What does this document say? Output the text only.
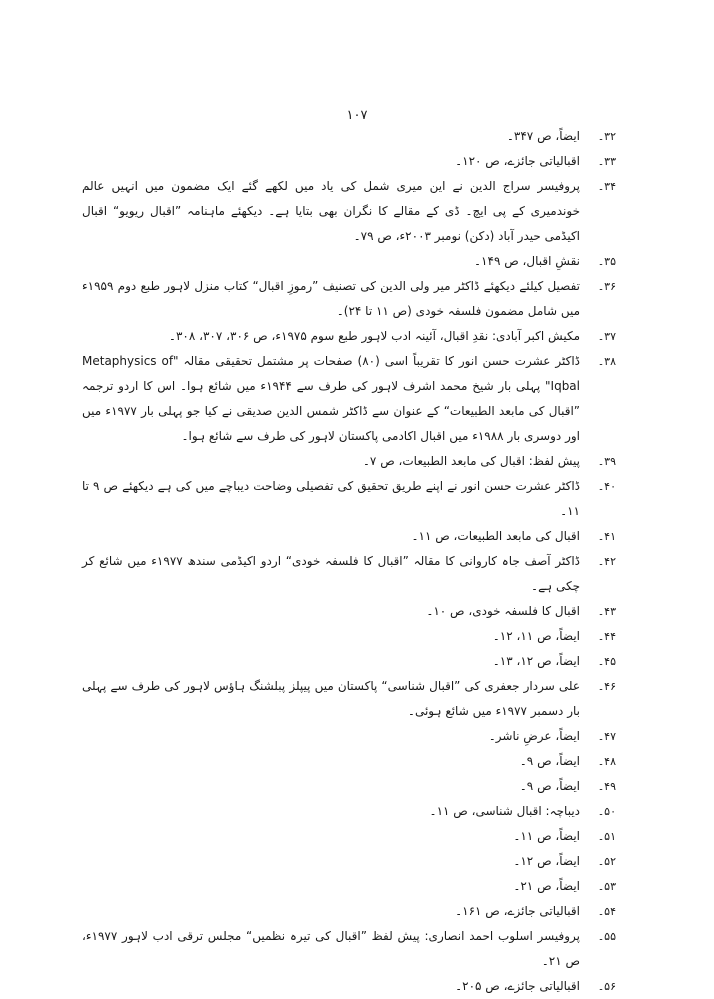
۱۰۷
۳۲۔
ایضاً، ص ۳۴۷۔
۳۳۔
اقبالیاتی جائزے، ص ۱۲۰۔
۳۴۔
پروفیسر سراج الدین نے این میری شمل کی یاد میں لکھے گئے ایک مضمون میں انہیں عالم خوندمیری کے پی ایچ۔ ڈی کے مقالے کا نگران بھی بتایا ہے۔ دیکھئے ماہنامہ ”اقبال ریویو“ اقبال اکیڈمی حیدر آباد (دکن) نومبر ۲۰۰۳ء، ص ۷۹۔
۳۵۔
نقشِ اقبال، ص ۱۴۹۔
۳۶۔
تفصیل کیلئے دیکھئے ڈاکٹر میر ولی الدین کی تصنیف ”رموزِ اقبال“ کتاب منزل لاہور طبع دوم ۱۹۵۹ء میں شامل مضمون فلسفہ خودی (ص ۱۱ تا ۲۴)۔
۳۷۔
مکیش اکبر آبادی: نقدِ اقبال، آئینہ ادب لاہور طبع سوم ۱۹۷۵ء، ص ۳۰۶، ۳۰۷، ۳۰۸۔
۳۸۔
ڈاکٹر عشرت حسن انور کا تقریباً اسی (۸۰) صفحات پر مشتمل تحقیقی مقالہ "Metaphysics of Iqbal" پہلی بار شیخ محمد اشرف لاہور کی طرف سے ۱۹۴۴ء میں شائع ہوا۔ اس کا اردو ترجمہ ”اقبال کی مابعد الطبیعات“ کے عنوان سے ڈاکٹر شمس الدین صدیقی نے کیا جو پہلی بار ۱۹۷۷ء میں اور دوسری بار ۱۹۸۸ء میں اقبال اکادمی پاکستان لاہور کی طرف سے شائع ہوا۔
۳۹۔
پیش لفظ: اقبال کی مابعد الطبیعات، ص ۷۔
۴۰۔
ڈاکٹر عشرت حسن انور نے اپنے طریق تحقیق کی تفصیلی وضاحت دیباچے میں کی ہے دیکھئے ص ۹ تا ۱۱۔
۴۱۔
اقبال کی مابعد الطبیعات، ص ۱۱۔
۴۲۔
ڈاکٹر آصف جاہ کاروانی کا مقالہ ”اقبال کا فلسفہ خودی“ اردو اکیڈمی سندھ ۱۹۷۷ء میں شائع کر چکی ہے۔
۴۳۔
اقبال کا فلسفہ خودی، ص ۱۰۔
۴۴۔
ایضاً، ص ۱۱، ۱۲۔
۴۵۔
ایضاً، ص ۱۲، ۱۳۔
۴۶۔
علی سردار جعفری کی ”اقبال شناسی“ پاکستان میں پیپلز پبلشنگ ہاؤس لاہور کی طرف سے پہلی بار دسمبر ۱۹۷۷ء میں شائع ہوئی۔
۴۷۔
ایضاً، عرضِ ناشر۔
۴۸۔
ایضاً، ص ۹۔
۴۹۔
ایضاً، ص ۹۔
۵۰۔
دیباچہ: اقبال شناسی، ص ۱۱۔
۵۱۔
ایضاً، ص ۱۱۔
۵۲۔
ایضاً، ص ۱۲۔
۵۳۔
ایضاً، ص ۲۱۔
۵۴۔
اقبالیاتی جائزے، ص ۱۶۱۔
۵۵۔
پروفیسر اسلوب احمد انصاری: پیش لفظ ”اقبال کی تیرہ نظمیں“ مجلس ترقی ادب لاہور ۱۹۷۷ء، ص ۲۱۔
۵۶۔
اقبالیاتی جائزے، ص ۲۰۵۔
